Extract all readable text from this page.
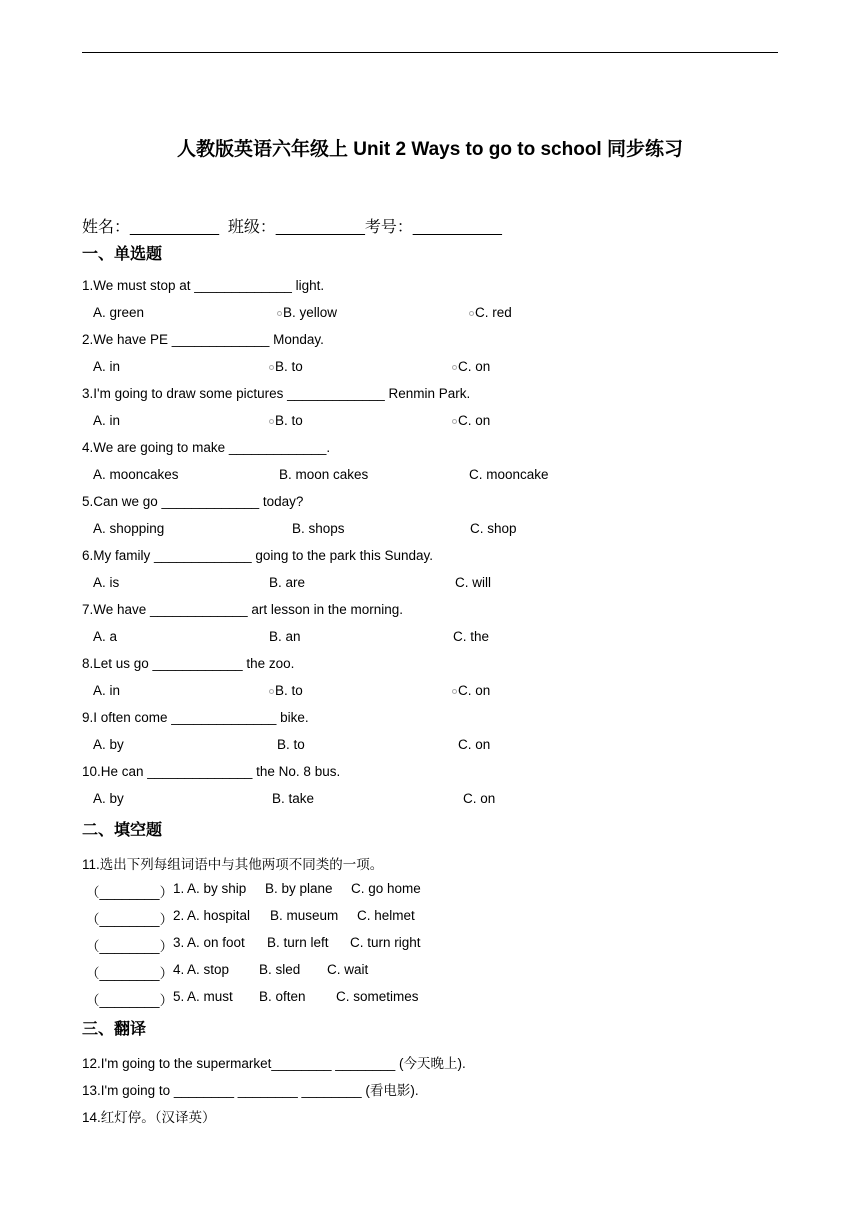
人教版英语六年级上 Unit 2 Ways to go to school 同步练习
姓名：__________  班级：__________考号：__________
一、单选题
1.We must stop at _____________ light.
A. green	B. yellow	C. red
2.We have PE _____________ Monday.
A. in	B. to	C. on
3.I'm going to draw some pictures _____________ Renmin Park.
A. in	B. to	C. on
4.We are going to make _____________.
A. mooncakes	B. moon cakes	C. mooncake
5.Can we go _____________ today?
A. shopping	B. shops	C. shop
6.My family _____________ going to the park this Sunday.
A. is	B. are	C. will
7.We have _____________ art lesson in the morning.
A. a	B. an	C. the
8.Let us go ____________ the zoo.
A. in	B. to	C. on
9.I often come ______________ bike.
A. by	B. to	C. on
10.He can ______________ the No. 8 bus.
A. by	B. take	C. on
二、填空题
11.选出下列每组词语中与其他两项不同类的一项。
（________） 1. A. by ship B. by plane C. go home
（________） 2. A. hospital B. museum C. helmet
（________） 3. A. on foot B. turn left C. turn right
（________） 4. A. stop B. sled C. wait
（________） 5. A. must B. often C. sometimes
三、翻译
12.I'm going to the supermarket________ ________ (今天晚上).
13.I'm going to ________ ________ ________ (看电影).
14.红灯停。（汉译英）
